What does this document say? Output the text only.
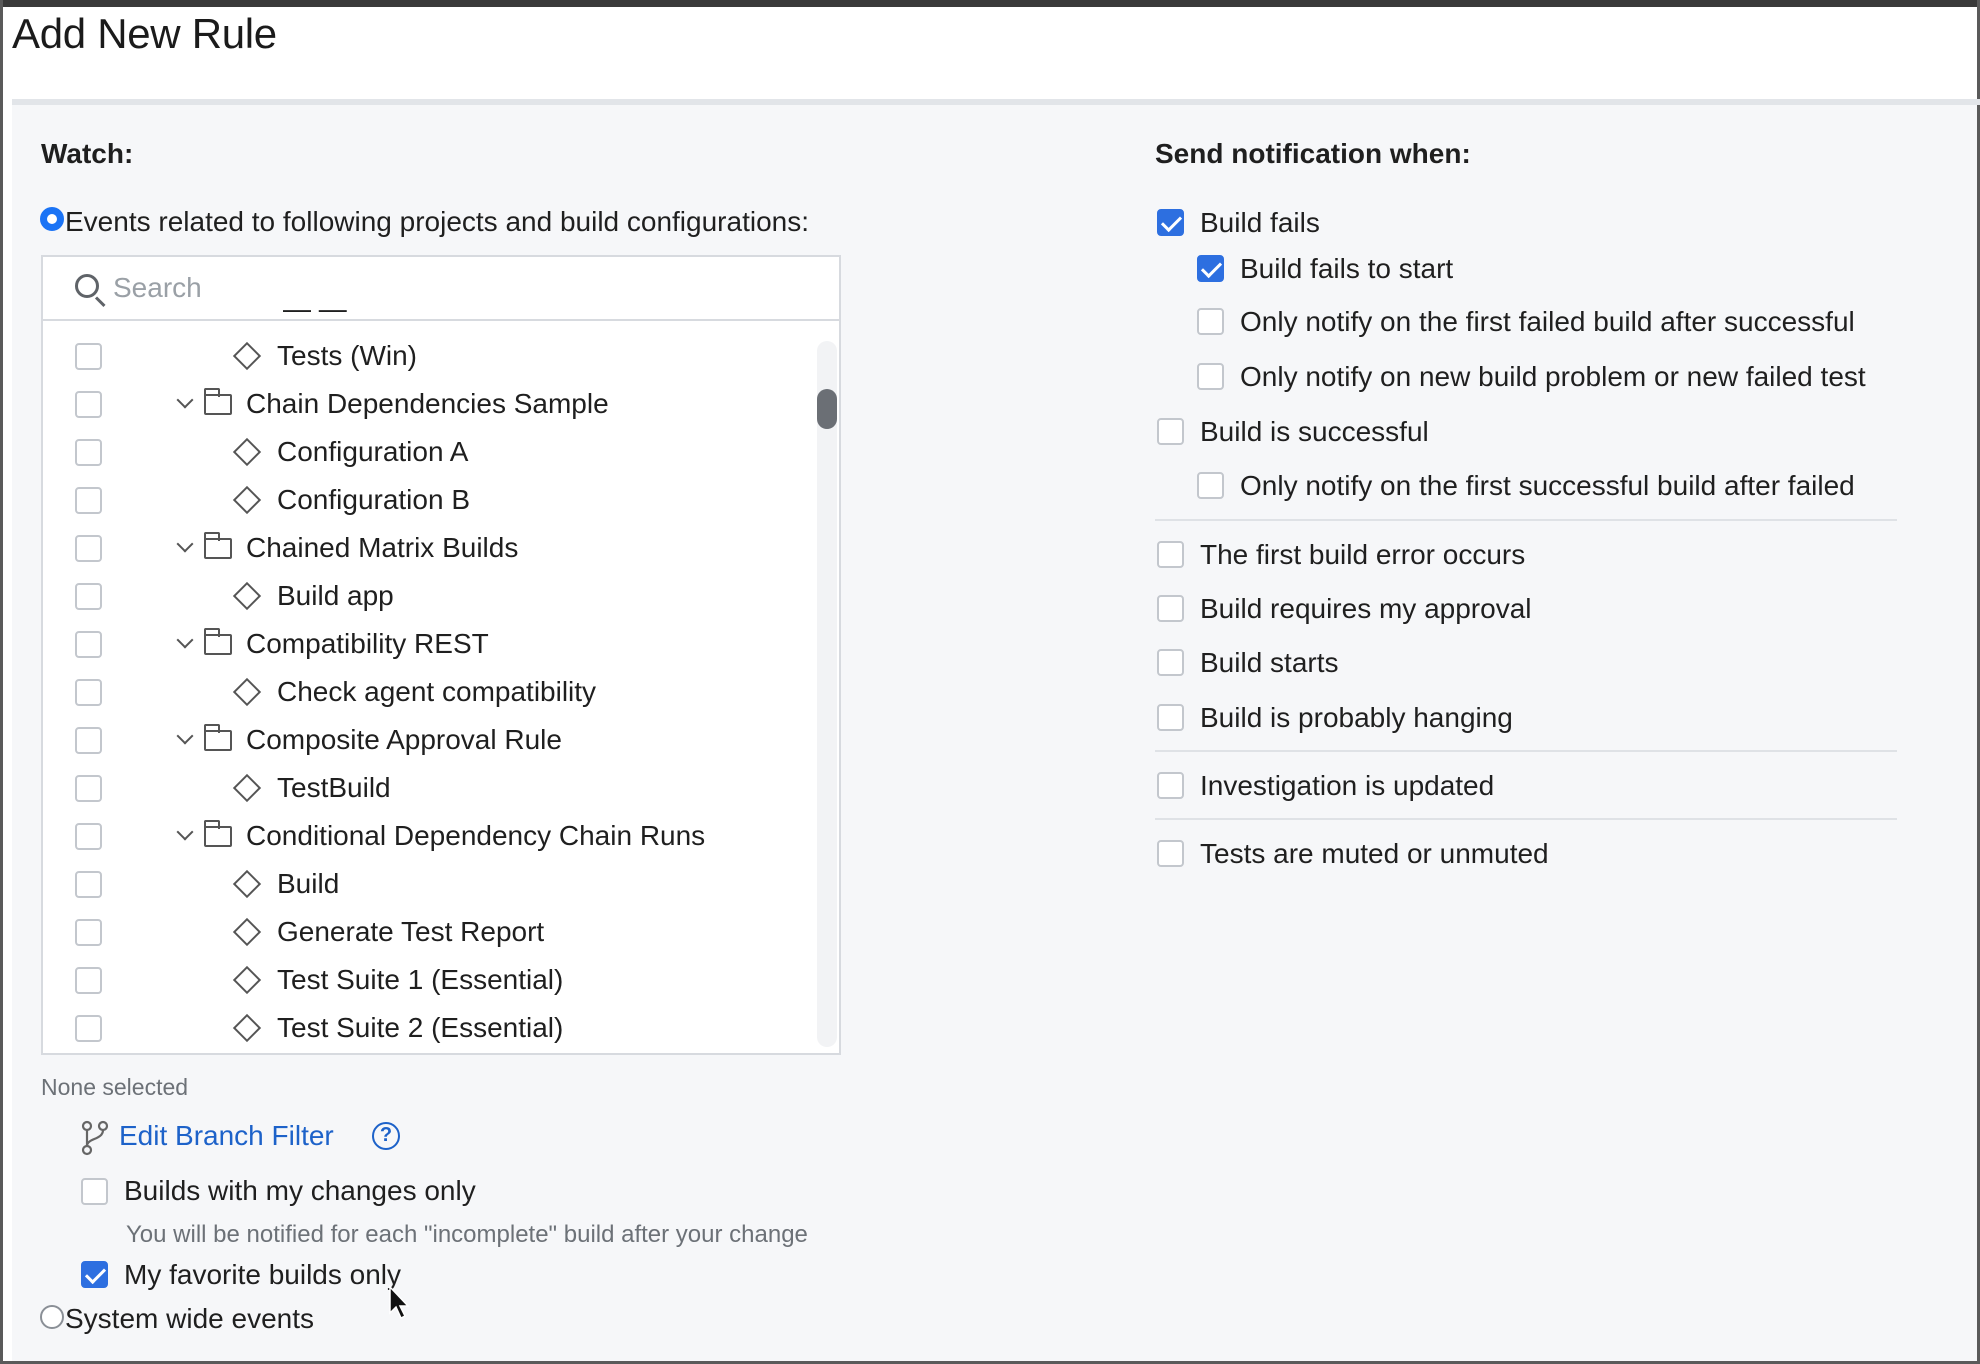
Add New Rule
Watch:
Events related to following projects and build configurations:
Search
— —
Tests (Win)
Chain Dependencies Sample
Configuration A
Configuration B
Chained Matrix Builds
Build app
Compatibility REST
Check agent compatibility
Composite Approval Rule
TestBuild
Conditional Dependency Chain Runs
Build
Generate Test Report
Test Suite 1 (Essential)
Test Suite 2 (Essential)
None selected
Edit Branch Filter	?
Builds with my changes only
You will be notified for each "incomplete" build after your change
My favorite builds only
System wide events
Send notification when:
Build fails
Build fails to start
Only notify on the first failed build after successful
Only notify on new build problem or new failed test
Build is successful
Only notify on the first successful build after failed
The first build error occurs
Build requires my approval
Build starts
Build is probably hanging
Investigation is updated
Tests are muted or unmuted
